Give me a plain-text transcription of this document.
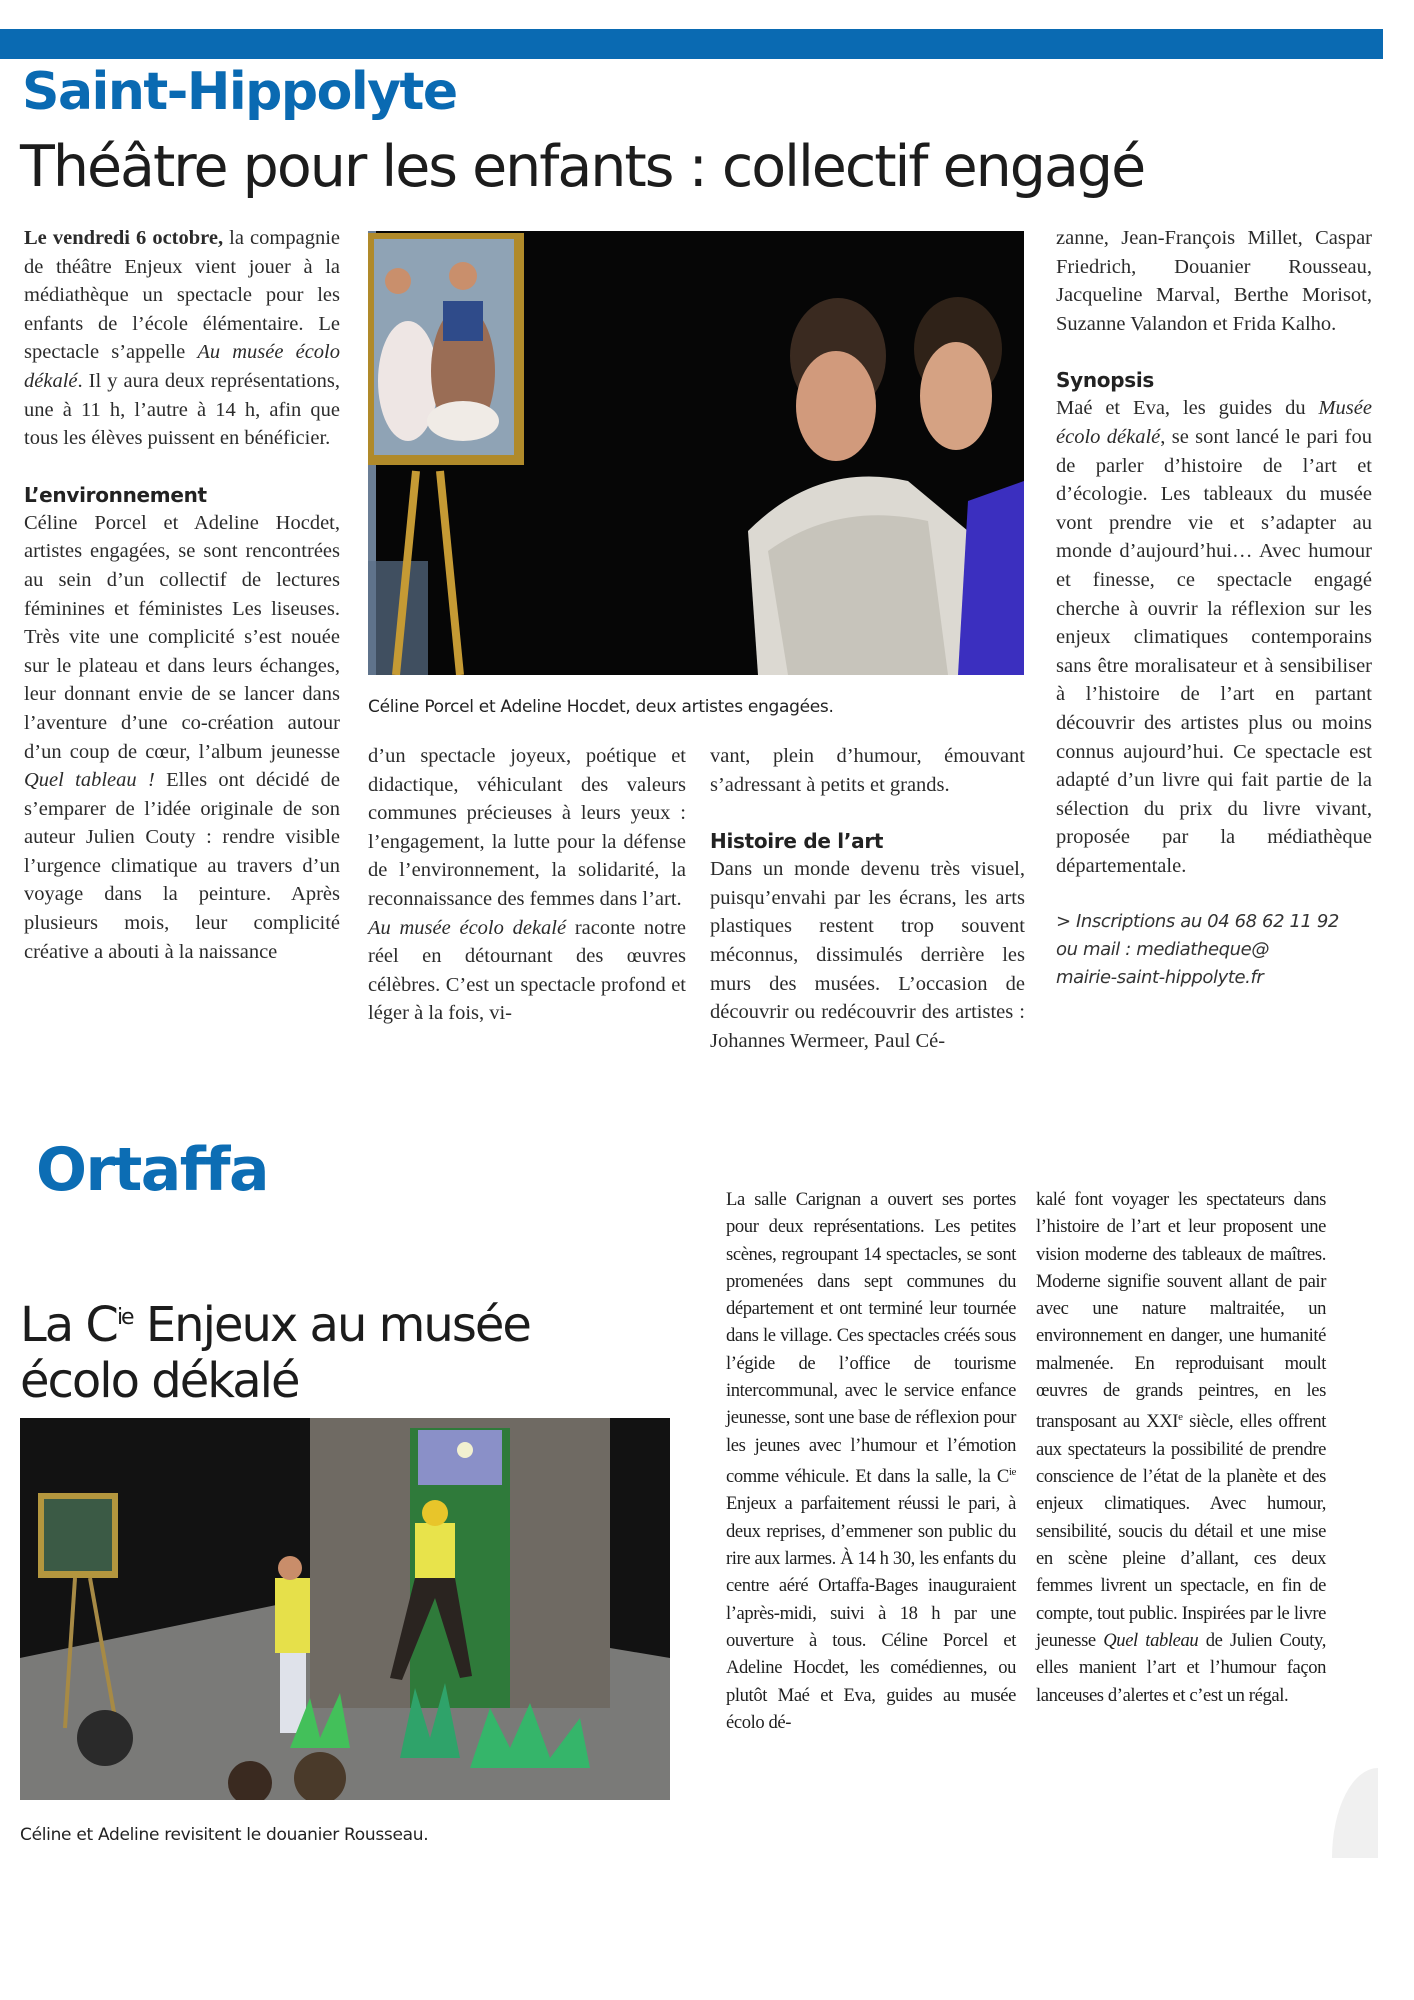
Saint-Hippolyte
Théâtre pour les enfants : collectif engagé

Le vendredi 6 octobre, la compagnie de théâtre Enjeux vient jouer à la médiathèque un spectacle pour les enfants de l’école élémentaire. Le spectacle s’appelle Au musée écolo dékalé. Il y aura deux représentations, une à 11 h, l’autre à 14 h, afin que tous les élèves puissent en bénéficier.

L’environnement

Céline Porcel et Adeline Hocdet, artistes engagées, se sont rencontrées au sein d’un collectif de lectures féminines et féministes Les liseuses. Très vite une complicité s’est nouée sur le plateau et dans leurs échanges, leur donnant envie de se lancer dans l’aventure d’une co-création autour d’un coup de cœur, l’album jeunesse Quel tableau ! Elles ont décidé de s’emparer de l’idée originale de son auteur Julien Couty : rendre visible l’urgence climatique au travers d’un voyage dans la peinture. Après plusieurs mois, leur complicité créative a abouti à la naissance

Céline Porcel et Adeline Hocdet, deux artistes engagées.

d’un spectacle joyeux, poétique et didactique, véhiculant des valeurs communes précieuses à leurs yeux : l’engagement, la lutte pour la défense de l’environnement, la solidarité, la reconnaissance des femmes dans l’art.

Au musée écolo dekalé raconte notre réel en détournant des œuvres célèbres. C’est un spectacle profond et léger à la fois, vi-

vant, plein d’humour, émouvant s’adressant à petits et grands.

Histoire de l’art

Dans un monde devenu très visuel, puisqu’envahi par les écrans, les arts plastiques restent trop souvent méconnus, dissimulés derrière les murs des musées. L’occasion de découvrir ou redécouvrir des artistes : Johannes Wermeer, Paul Cé-

zanne, Jean-François Millet, Caspar Friedrich, Douanier Rousseau, Jacqueline Marval, Berthe Morisot, Suzanne Valandon et Frida Kalho.

Synopsis

Maé et Eva, les guides du Musée écolo dékalé, se sont lancé le pari fou de parler d’histoire de l’art et d’écologie. Les tableaux du musée vont prendre vie et s’adapter au monde d’aujourd’hui… Avec humour et finesse, ce spectacle engagé cherche à ouvrir la réflexion sur les enjeux climatiques contemporains sans être moralisateur et à sensibiliser à l’histoire de l’art en partant découvrir des artistes plus ou moins connus aujourd’hui. Ce spectacle est adapté d’un livre qui fait partie de la sélection du prix du livre vivant, proposée par la médiathèque départementale.

> Inscriptions au 04 68 62 11 92
ou mail : mediatheque@
mairie-saint-hippolyte.fr
Ortaffa
La $C^{ie}$ Enjeux au musée
écolo dékalé
Céline et Adeline revisitent le douanier Rousseau.

La salle Carignan a ouvert ses portes pour deux représentations. Les petites scènes, regroupant 14 spectacles, se sont promenées dans sept communes du département et ont terminé leur tournée dans le village. Ces spectacles créés sous l’égide de l’office de tourisme intercommunal, avec le service enfance jeunesse, sont une base de réflexion pour les jeunes avec l’humour et l’émotion comme véhicule. Et dans la salle, la $C^{ie}$ Enjeux a parfaitement réussi le pari, à deux reprises, d’emmener son public du rire aux larmes. À 14 h 30, les enfants du centre aéré Ortaffa-Bages inauguraient l’après-midi, suivi à 18 h par une ouverture à tous. Céline Porcel et Adeline Hocdet, les comédiennes, ou plutôt Maé et Eva, guides au musée écolo dé-

kalé font voyager les spectateurs dans l’histoire de l’art et leur proposent une vision moderne des tableaux de maîtres. Moderne signifie souvent allant de pair avec une nature maltraitée, un environnement en danger, une humanité malmenée. En reproduisant moult œuvres de grands peintres, en les transposant au XXIe siècle, elles offrent aux spectateurs la possibilité de prendre conscience de l’état de la planète et des enjeux climatiques. Avec humour, sensibilité, soucis du détail et une mise en scène pleine d’allant, ces deux femmes livrent un spectacle, en fin de compte, tout public. Inspirées par le livre jeunesse Quel tableau de Julien Couty, elles manient l’art et l’humour façon lanceuses d’alertes et c’est un régal.
